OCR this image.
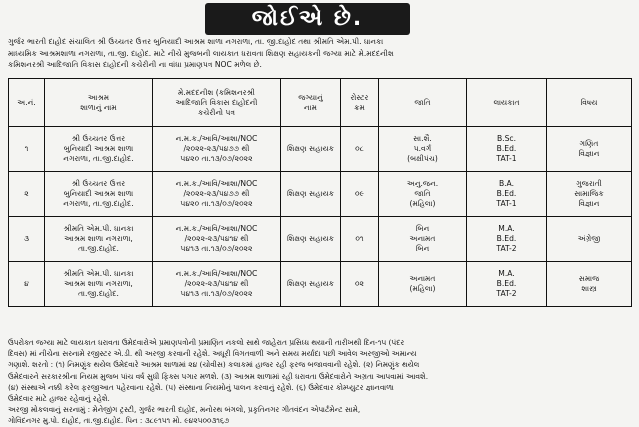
જોઈએ છે.
ગુર્જર ભારતી દાહોદ સંચાલિત શ્રી ઉચ્ચતર ઉત્તર બુનિયાદી આશ્રમ શાળા નગરાળા, તા. જી.દાહોદ તથા શ્રીમતિ એમ.પી. ધાનકા
માધ્યમિક આશ્રમશાળા નગરાળા, તા.જી. દાહોદ. માટે નીચે મુજબની લાયકાત ધરાવતા શિક્ષણ સહાયકની જગ્યા માટે મે.મદદનીશ
કમિશનરશ્રી આદિજાતિ વિકાસ દાહોદની કચેરીની ના વાંધા પ્રમાણપત્ર NOC મળેલ છે.
અ.નં.	આશ્રમ
શાળાનું નામ	મે.મદદનીશ (કમિશનરશ્રી
આદિજાતિ વિકાસ દાહોદની
કચેરીનો પત્ર	જગ્યાનું
નામ	રોસ્ટર
ક્રમ	જાતિ	લાયકાત	વિષય

૧	શ્રી ઉચ્ચતર ઉત્તર
બુનિયાદી આશ્રમ શાળા
નગરાળા, તા.જી.દાહોદ.	ન.મ.ક./આવિ/આશા/NOC
/૨૦૨૨-૨૩/૫૪૭૭ થી
૫૪૨૦ તા.૧૩/૦૭/૨૦૨૨	શિક્ષણ સહાયક	૦૮	સા.શૈ.
પ.વર્ગ
(બક્ષીપંચ)	B.Sc.
B.Ed.
TAT-1	ગણિત
વિજ્ઞાન

૨	શ્રી ઉચ્ચતર ઉત્તર
બુનિયાદી આશ્રમ શાળા
નગરાળા, તા.જી.દાહોદ.	ન.મ.ક./આવિ/આશા/NOC
/૨૦૨૨-૨૩/૫૪૭૭ થી
૫૪૨૦ તા.૧૩/૦૭/૨૦૨૨	શિક્ષણ સહાયક	૦૯	અનુ.જન.
જાતિ
(મહિલા)	B.A.
B.Ed.
TAT-1	ગુજરાતી
સામાજિક
વિજ્ઞાન

૩	શ્રીમતિ એમ.પી. ધાનકા
આશ્રમ શાળા નગરાળા,
તા.જી.દાહોદ.	ન.મ.ક./આવિ/આશા/NOC
/૨૦૨૨-૨૩/૫૪૧૪ થી
૫૪૧૩ તા.૧૩/૦૭/૨૦૨૨	શિક્ષણ સહાયક	૦૧	બિન
અનામત
બિન	M.A.
B.Ed.
TAT-2	અંગ્રેજી

૪	શ્રીમતિ એમ.પી. ધાનકા
આશ્રમ શાળા નગરાળા,
તા.જી.દાહોદ.	ન.મ.ક./આવિ/આશા/NOC
/૨૦૨૨-૨૩/૫૪૧૪ થી
૫૪૧૩ તા.૧૩/૦૭/૨૦૨૨	શિક્ષણ સહાયક	૦૨	અનામત
(મહિલા)	M.A.
B.Ed.
TAT-2	સમાજ
શાસ્ત્ર
ઉપરોક્ત જગ્યા માટે લાયકાત ધરાવતા ઉમેદવારોએ પ્રમાણપત્રોની પ્રમાણિત નકલો સાથે જાહેરાત પ્રસિધ્ધ થયાની તારીખથી દિન-૧૫ (પંદર
દિવસ) માં નીચેના સરનામે રજીસ્ટર એ.ડી. થી અરજી કરવાની રહેશે. અધૂરી વિગતવાળી અને સમય મર્યાદા પછી આવેલ અરજીઓ અમાન્ય
ગણાશે. શરતો : (૧) નિમણુંક થયેલ ઉમેદવારે આશ્રમ શાળામાં ૨૪ (ચોવીસ) કલાકમાં હાજર રહી ફરજ બજાવવાની રહેશે. (૨) નિમણુંક થયેલ
ઉમેદવારને સરકારશ્રીના નિયમ મુજબ પાંચ વર્ષ સુધી ફિક્સ પગાર મળશે. (૩) આશ્રમ શાળામાં રહી ધરાવતા ઉમેદવારોને અગ્રતા આપવામાં આવશે.
(૪) સંસ્થાએ નક્કી કરેલ ફરજીઆત પહેરવાના રહેશે. (૫) સંસ્થાના નિયમોનું પાલન કરવાનું રહેશે. (૬) ઉમેદવાર કોમ્પ્યુટર જ્ઞાનવાળા
ઉમેદવાર માટે હાજર રહેવાનું રહેશે.
અરજી મોકલવાનું સરનામું : મેનેજીંગ ટ્રસ્ટી, ગુર્જર ભારતી દાહોદ, મનોરથ બંગલો, પ્રકૃતિનગર ગીતવંદન એપાર્ટમેન્ટ સામે,
ગોવિંદનગર મુ.પો. દાહોદ, તા.જી.દાહોદ. પિન : ૩૮૯૧૫૧ મો. ૯૪૨૫૦૦૩૧૬૭
